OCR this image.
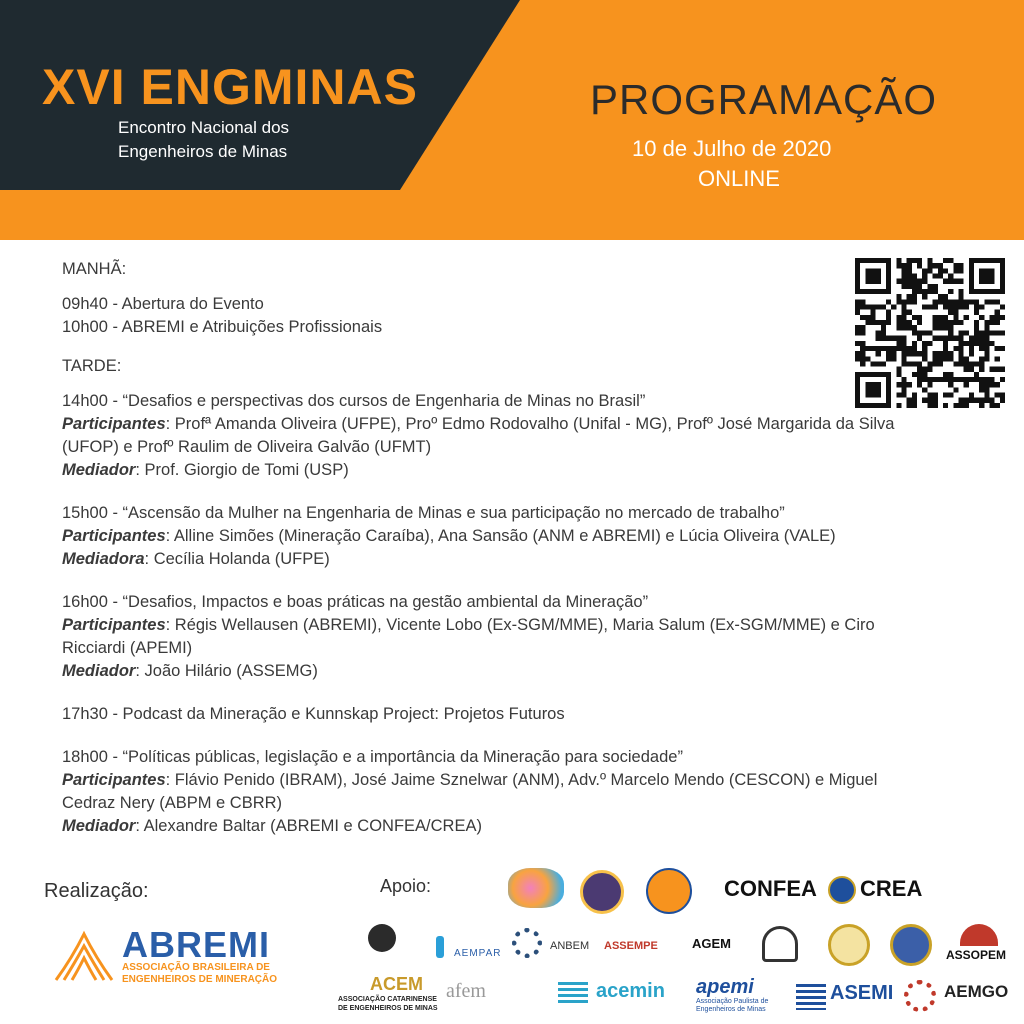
XVI ENGMINAS
Encontro Nacional dos
Engenheiros de Minas
PROGRAMAÇÃO
10 de Julho de 2020
ONLINE
MANHÃ:
09h40 - Abertura do Evento
10h00 - ABREMI e Atribuições Profissionais
TARDE:
14h00 - “Desafios e perspectivas dos cursos de Engenharia de Minas no Brasil”
Participantes: Profª Amanda Oliveira (UFPE), Proº Edmo Rodovalho (Unifal - MG), Profº José Margarida da Silva
(UFOP) e Profº Raulim de Oliveira Galvão (UFMT)
Mediador: Prof. Giorgio de Tomi (USP)
15h00 - “Ascensão da Mulher na Engenharia de Minas e sua participação no mercado de trabalho”
Participantes: Alline Simões (Mineração Caraíba), Ana Sansão (ANM e ABREMI) e Lúcia Oliveira (VALE)
Mediadora: Cecília Holanda (UFPE)
16h00 - “Desafios, Impactos e boas práticas na gestão ambiental da Mineração”
Participantes: Régis Wellausen (ABREMI), Vicente Lobo (Ex-SGM/MME), Maria Salum (Ex-SGM/MME) e Ciro
Ricciardi (APEMI)
Mediador: João Hilário (ASSEMG)
17h30 - Podcast da Mineração e Kunnskap Project: Projetos Futuros
18h00 - “Políticas públicas, legislação e a importância da Mineração para sociedade”
Participantes: Flávio Penido (IBRAM), José Jaime Sznelwar (ANM), Adv.º Marcelo Mendo (CESCON) e Miguel
Cedraz Nery (ABPM e CBRR)
Mediador: Alexandre Baltar (ABREMI e CONFEA/CREA)
Realização:	Apoio:
ABREMI
ASSOCIAÇÃO BRASILEIRA DE
ENGENHEIROS DE MINERAÇÃO
CONFEA CREA
AEMPAR
ANBEM ASSEMPE	AGEM
ASSOPEM
ACEM
ASSOCIAÇÃO CATARINENSE
DE ENGENHEIROS DE MINAS
afem	acemin apemi
Associação Paulista de
Engenheiros de Minas
ASEMI	AEMGO
